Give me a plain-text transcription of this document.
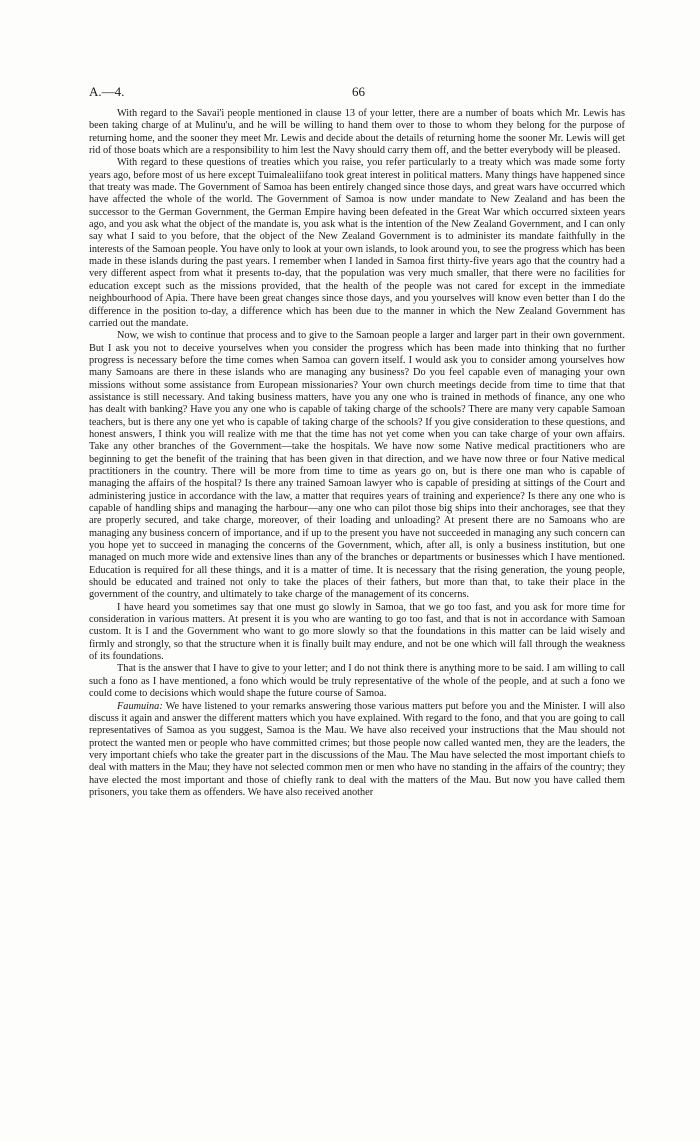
A.—4.	66

With regard to the Savai'i people mentioned in clause 13 of your letter, there are a number of boats which Mr. Lewis has been taking charge of at Mulinu'u, and he will be willing to hand them over to those to whom they belong for the purpose of returning home, and the sooner they meet Mr. Lewis and decide about the details of returning home the sooner Mr. Lewis will get rid of those boats which are a responsibility to him lest the Navy should carry them off, and the better everybody will be pleased.

With regard to these questions of treaties which you raise, you refer particularly to a treaty which was made some forty years ago, before most of us here except Tuimalealiifano took great interest in political matters. Many things have happened since that treaty was made. The Government of Samoa has been entirely changed since those days, and great wars have occurred which have affected the whole of the world. The Government of Samoa is now under mandate to New Zealand and has been the successor to the German Government, the German Empire having been defeated in the Great War which occurred sixteen years ago, and you ask what the object of the mandate is, you ask what is the intention of the New Zealand Government, and I can only say what I said to you before, that the object of the New Zealand Government is to administer its mandate faithfully in the interests of the Samoan people. You have only to look at your own islands, to look around you, to see the progress which has been made in these islands during the past years. I remember when I landed in Samoa first thirty-five years ago that the country had a very different aspect from what it presents to-day, that the population was very much smaller, that there were no facilities for education except such as the missions provided, that the health of the people was not cared for except in the immediate neighbourhood of Apia. There have been great changes since those days, and you yourselves will know even better than I do the difference in the position to-day, a difference which has been due to the manner in which the New Zealand Government has carried out the mandate.

Now, we wish to continue that process and to give to the Samoan people a larger and larger part in their own government. But I ask you not to deceive yourselves when you consider the progress which has been made into thinking that no further progress is necessary before the time comes when Samoa can govern itself. I would ask you to consider among yourselves how many Samoans are there in these islands who are managing any business? Do you feel capable even of managing your own missions without some assistance from European missionaries? Your own church meetings decide from time to time that that assistance is still necessary. And taking business matters, have you any one who is trained in methods of finance, any one who has dealt with banking? Have you any one who is capable of taking charge of the schools? There are many very capable Samoan teachers, but is there any one yet who is capable of taking charge of the schools? If you give consideration to these questions, and honest answers, I think you will realize with me that the time has not yet come when you can take charge of your own affairs. Take any other branches of the Government—take the hospitals. We have now some Native medical practitioners who are beginning to get the benefit of the training that has been given in that direction, and we have now three or four Native medical practitioners in the country. There will be more from time to time as years go on, but is there one man who is capable of managing the affairs of the hospital? Is there any trained Samoan lawyer who is capable of presiding at sittings of the Court and administering justice in accordance with the law, a matter that requires years of training and experience? Is there any one who is capable of handling ships and managing the harbour—any one who can pilot those big ships into their anchorages, see that they are properly secured, and take charge, moreover, of their loading and unloading? At present there are no Samoans who are managing any business concern of importance, and if up to the present you have not succeeded in managing any such concern can you hope yet to succeed in managing the concerns of the Government, which, after all, is only a business institution, but one managed on much more wide and extensive lines than any of the branches or departments or businesses which I have mentioned. Education is required for all these things, and it is a matter of time. It is necessary that the rising generation, the young people, should be educated and trained not only to take the places of their fathers, but more than that, to take their place in the government of the country, and ultimately to take charge of the management of its concerns.

I have heard you sometimes say that one must go slowly in Samoa, that we go too fast, and you ask for more time for consideration in various matters. At present it is you who are wanting to go too fast, and that is not in accordance with Samoan custom. It is I and the Government who want to go more slowly so that the foundations in this matter can be laid wisely and firmly and strongly, so that the structure when it is finally built may endure, and not be one which will fall through the weakness of its foundations.

That is the answer that I have to give to your letter; and I do not think there is anything more to be said. I am willing to call such a fono as I have mentioned, a fono which would be truly representative of the whole of the people, and at such a fono we could come to decisions which would shape the future course of Samoa.

Faumuina: We have listened to your remarks answering those various matters put before you and the Minister. I will also discuss it again and answer the different matters which you have explained. With regard to the fono, and that you are going to call representatives of Samoa as you suggest, Samoa is the Mau. We have also received your instructions that the Mau should not protect the wanted men or people who have committed crimes; but those people now called wanted men, they are the leaders, the very important chiefs who take the greater part in the discussions of the Mau. The Mau have selected the most important chiefs to deal with matters in the Mau; they have not selected common men or men who have no standing in the affairs of the country; they have elected the most important and those of chiefly rank to deal with the matters of the Mau. But now you have called them prisoners, you take them as offenders. We have also received another
